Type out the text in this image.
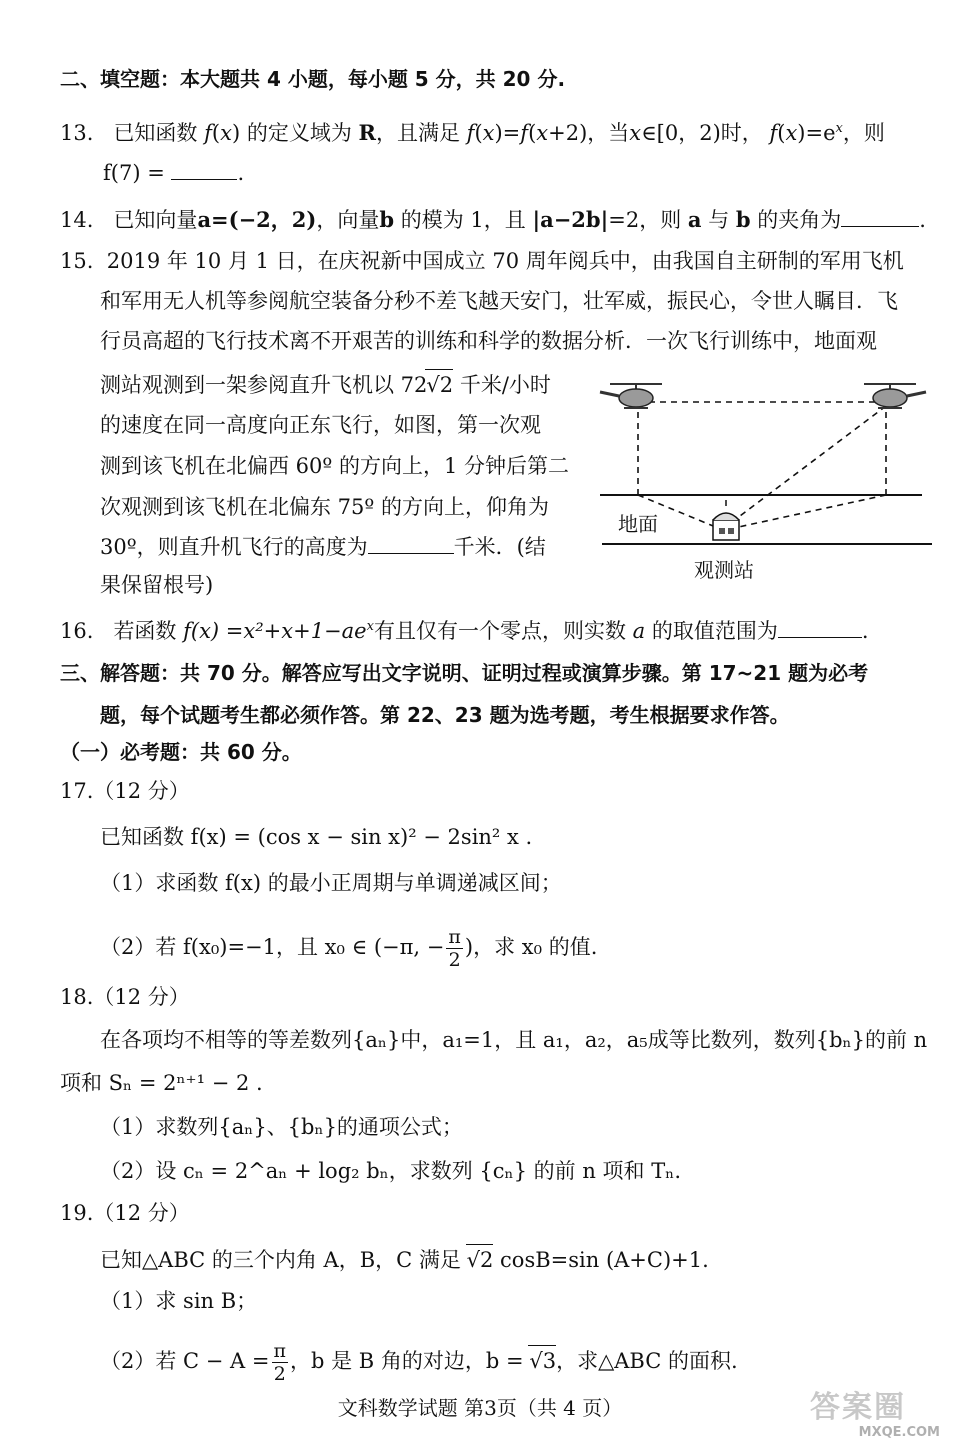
二、填空题：本大题共 4 小题，每小题 5 分，共 20 分.
13. 已知函数 f(x) 的定义域为 R，且满足 f(x)=f(x+2)，当x∈[0，2)时， $f(x)=e^x$，则
f(7) =	.
14. 已知向量a=(−2，2)，向量b 的模为 1，且 |a−2b|=2，则 a 与 b 的夹角为	.
15. 2019 年 10 月 1 日，在庆祝新中国成立 70 周年阅兵中，由我国自主研制的军用飞机
和军用无人机等参阅航空装备分秒不差飞越天安门，壮军威，振民心，令世人瞩目．飞
行员高超的飞行技术离不开艰苦的训练和科学的数据分析．一次飞行训练中，地面观
测站观测到一架参阅直升飞机以 72√2 千米/小时
的速度在同一高度向正东飞行，如图，第一次观
测到该飞机在北偏西 60º 的方向上，1 分钟后第二
次观测到该飞机在北偏东 75º 的方向上，仰角为
30º，则直升机飞行的高度为	千米．(结
果保留根号)
地面
观测站
16. 若函数 $f(x) =x^2+x+1-ae^x$有且仅有一个零点，则实数 a 的取值范围为	.
三、解答题：共 70 分。解答应写出文字说明、证明过程或演算步骤。第 17~21 题为必考
题，每个试题考生都必须作答。第 22、23 题为选考题，考生根据要求作答。
（一）必考题：共 60 分。
17.（12 分）
已知函数 f(x) = (cos x − sin x)² − 2sin² x .
（1）求函数 f(x) 的最小正周期与单调递减区间；
（2）若 f(x₀)=−1，且 x₀ ∈ (−π, − $\frac{\pi}{2}$ )，求 x₀ 的值.
18.（12 分）
在各项均不相等的等差数列{aₙ}中，a₁=1，且 a₁，a₂，a₅成等比数列，数列{bₙ}的前 n
项和 Sₙ = 2ⁿ⁺¹ − 2 .
（1）求数列{aₙ}、{bₙ}的通项公式；
（2）设 cₙ = 2^aₙ + log₂ bₙ，求数列 {cₙ} 的前 n 项和 Tₙ.
19.（12 分）
已知△ABC 的三个内角 A，B，C 满足 √2 cosB=sin (A+C)+1.
（1）求 sin B；
（2）若 $C - A = \frac{\pi}{2}$ ，b 是 B 角的对边，b = √3，求△ABC 的面积.
文科数学试题 第3页（共 4 页）	答案圈
MXQE.COM
